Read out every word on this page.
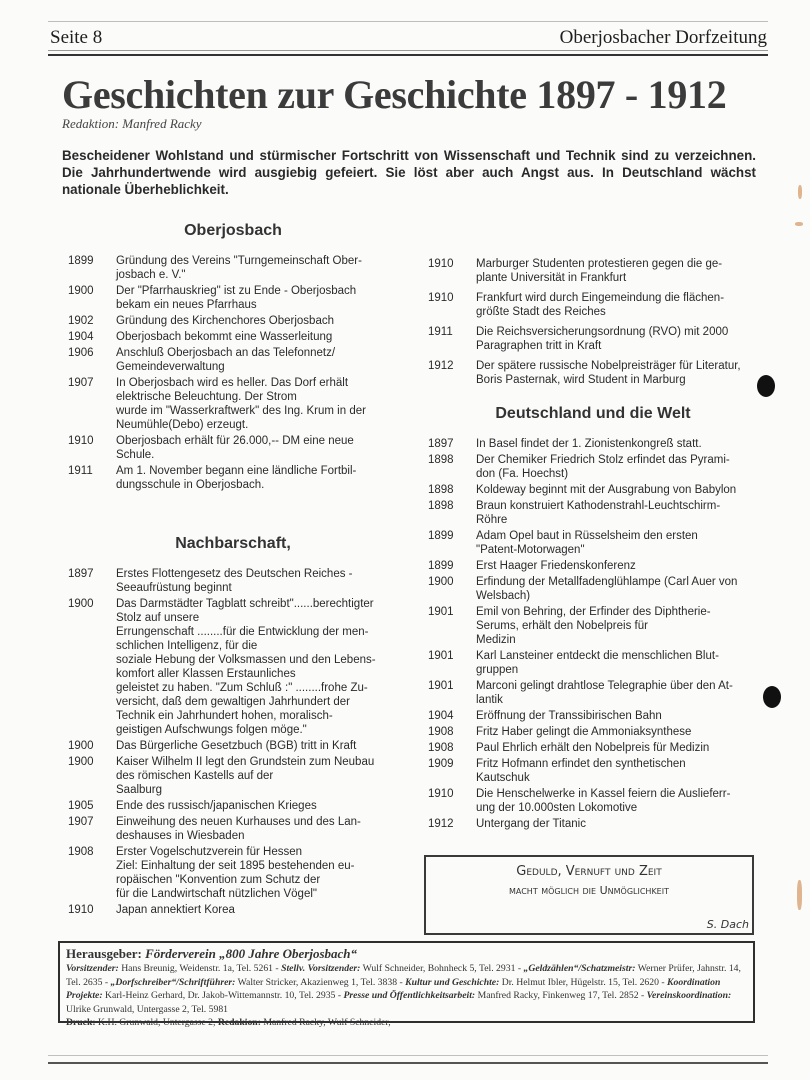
Seite 8	Oberjosbacher Dorfzeitung
Geschichten zur Geschichte 1897 - 1912
Redaktion: Manfred Racky
Bescheidener Wohlstand und stürmischer Fortschritt von Wissenschaft und Technik sind zu verzeichnen. Die Jahrhundertwende wird ausgiebig gefeiert. Sie löst aber auch Angst aus. In Deutschland wächst nationale Überheblichkeit.
Oberjosbach
1899	Gründung des Vereins "Turngemeinschaft Ober-
josbach e. V."
1900	Der "Pfarrhauskrieg" ist zu Ende - Oberjosbach
bekam ein neues Pfarrhaus
1902	Gründung des Kirchenchores Oberjosbach
1904	Oberjosbach bekommt eine Wasserleitung
1906	Anschluß Oberjosbach an das Telefonnetz/
Gemeindeverwaltung
1907	In Oberjosbach wird es heller. Das Dorf erhält
elektrische Beleuchtung. Der Strom
wurde im "Wasserkraftwerk" des Ing. Krum in der
Neumühle(Debo) erzeugt.
1910	Oberjosbach erhält für 26.000,-- DM eine neue
Schule.
1911	Am 1. November begann eine ländliche Fortbil-
dungsschule in Oberjosbach.
Nachbarschaft,
1897	Erstes Flottengesetz des Deutschen Reiches -
Seeaufrüstung beginnt
1900	Das Darmstädter Tagblatt schreibt"......berechtigter
Stolz auf unsere
Errungenschaft ........für die Entwicklung der men-
schlichen Intelligenz, für die
soziale Hebung der Volksmassen und den Lebens-
komfort aller Klassen Erstaunliches
geleistet zu haben. "Zum Schluß :" ........frohe Zu-
versicht, daß dem gewaltigen Jahrhundert der
Technik ein Jahrhundert hohen, moralisch-
geistigen Aufschwungs folgen möge."
1900	Das Bürgerliche Gesetzbuch (BGB) tritt in Kraft
1900	Kaiser Wilhelm II legt den Grundstein zum Neubau
des römischen Kastells auf der
Saalburg
1905	Ende des russisch/japanischen Krieges
1907	Einweihung des neuen Kurhauses und des Lan-
deshauses in Wiesbaden
1908	Erster Vogelschutzverein für Hessen
Ziel: Einhaltung der seit 1895 bestehenden eu-
ropäischen "Konvention zum Schutz der
für die Landwirtschaft nützlichen Vögel"
1910	Japan annektiert Korea
1910	Marburger Studenten protestieren gegen die ge-
plante Universität in Frankfurt
1910	Frankfurt wird durch Eingemeindung die flächen-
größte Stadt des Reiches
1911	Die Reichsversicherungsordnung (RVO) mit 2000
Paragraphen tritt in Kraft
1912	Der spätere russische Nobelpreisträger für Literatur,
Boris Pasternak, wird Student in Marburg
Deutschland und die Welt
1897	In Basel findet der 1. Zionistenkongreß statt.
1898	Der Chemiker Friedrich Stolz erfindet das Pyrami-
don (Fa. Hoechst)
1898	Koldeway beginnt mit der Ausgrabung von Babylon
1898	Braun konstruiert Kathodenstrahl-Leuchtschirm-
Röhre
1899	Adam Opel baut in Rüsselsheim den ersten
"Patent-Motorwagen"
1899	Erst Haager Friedenskonferenz
1900	Erfindung der Metallfadenglühlampe (Carl Auer von
Welsbach)
1901	Emil von Behring, der Erfinder des Diphtherie-
Serums, erhält den Nobelpreis für
Medizin
1901	Karl Lansteiner entdeckt die menschlichen Blut-
gruppen
1901	Marconi gelingt drahtlose Telegraphie über den At-
lantik
1904	Eröffnung der Transsibirischen Bahn
1908	Fritz Haber gelingt die Ammoniaksynthese
1908	Paul Ehrlich erhält den Nobelpreis für Medizin
1909	Fritz Hofmann erfindet den synthetischen
Kautschuk
1910	Die Henschelwerke in Kassel feiern die Auslieferr-
ung der 10.000sten Lokomotive
1912	Untergang der Titanic
Geduld, Vernuft und Zeit
macht möglich die Unmöglichkeit
S. Dach
Herausgeber: Förderverein „800 Jahre Oberjosbach“
Vorsitzender: Hans Breunig, Weidenstr. 1a, Tel. 5261 - Stellv. Vorsitzender: Wulf Schneider, Bohnheck 5, Tel. 2931 - „Geldzählen“/Schatzmeistr: Werner Prüfer, Jahnstr. 14, Tel. 2635 - „Dorfschreiber“/Schriftführer: Walter Stricker, Akazienweg 1, Tel. 3838 - Kultur und Geschichte: Dr. Helmut Ibler, Hügelstr. 15, Tel. 2620 - Koordination Projekte: Karl-Heinz Gerhard, Dr. Jakob-Wittemannstr. 10, Tel. 2935 - Presse und Öffentlichkeitsarbeit: Manfred Racky, Finkenweg 17, Tel. 2852 - Vereinskoordination: Ulrike Grunwald, Untergasse 2, Tel. 5981
Druck: K.H. Grunwald, Untergasse 2, Redakion: Manfred Racky, Wulf Schneider,
